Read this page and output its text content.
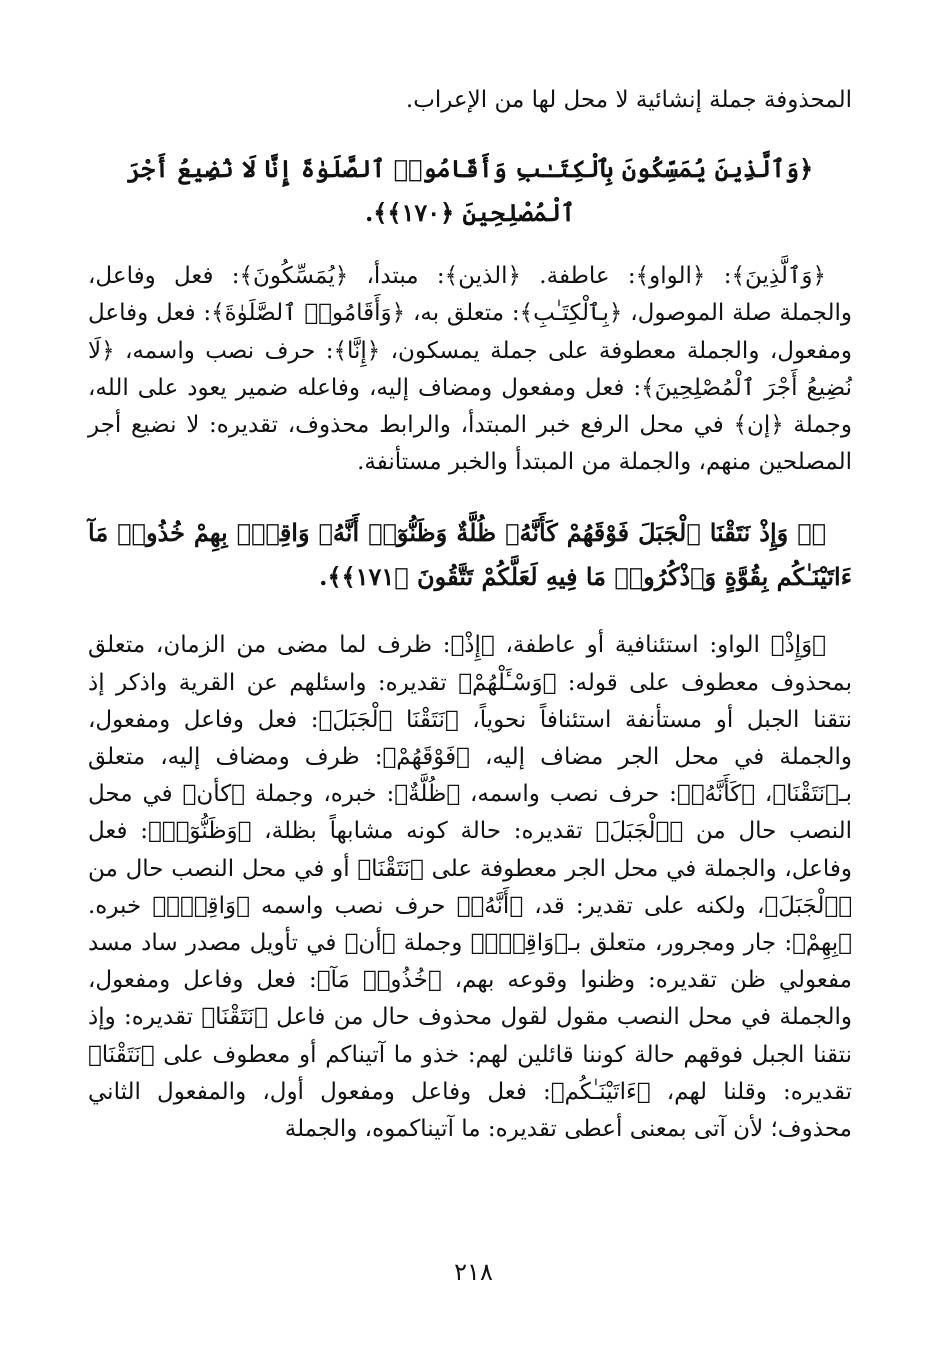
المحذوفة جملة إنشائية لا محل لها من الإعراب.

﴿وَٱلَّذِينَ يُمَسِّكُونَ بِٱلْكِتَـٰبِ وَأَقَامُوا۟ ٱلصَّلَوٰةَ إِنَّا لَا نُضِيعُ أَجْرَ ٱلْمُصْلِحِينَ ﴿١٧٠﴾﴾.

﴿وَٱلَّذِينَ﴾: ﴿الواو﴾: عاطفة. ﴿الذين﴾: مبتدأ، ﴿يُمَسِّكُونَ﴾: فعل وفاعل، والجملة صلة الموصول، ﴿بِٱلْكِتَـٰبِ﴾: متعلق به، ﴿وَأَقَامُوا۟ ٱلصَّلَوٰةَ﴾: فعل وفاعل ومفعول، والجملة معطوفة على جملة يمسكون، ﴿إِنَّا﴾: حرف نصب واسمه، ﴿لَا نُضِيعُ أَجْرَ ٱلْمُصْلِحِينَ﴾: فعل ومفعول ومضاف إليه، وفاعله ضمير يعود على الله، وجملة ﴿إن﴾ في محل الرفع خبر المبتدأ، والرابط محذوف، تقديره: لا نضيع أجر المصلحين منهم، والجملة من المبتدأ والخبر مستأنفة.

﴿۞ وَإِذْ نَتَقْنَا ٱلْجَبَلَ فَوْقَهُمْ كَأَنَّهُۥ ظُلَّةٌ وَظَنُّوٓا۟ أَنَّهُۥ وَاقِعٌۢ بِهِمْ خُذُوا۟ مَآ ءَاتَيْنَـٰكُم بِقُوَّةٍ وَٱذْكُرُوا۟ مَا فِيهِ لَعَلَّكُمْ تَتَّقُونَ ﴿١٧١﴾﴾.

﴿وَإِذْ﴾ الواو: استئنافية أو عاطفة، ﴿إِذْ﴾: ظرف لما مضى من الزمان، متعلق بمحذوف معطوف على قوله: ﴿وَسْـَٔلْهُمْ﴾ تقديره: واسئلهم عن القرية واذكر إذ نتقنا الجبل أو مستأنفة استئنافاً نحوياً، ﴿نَتَقْنَا ٱلْجَبَلَ﴾: فعل وفاعل ومفعول، والجملة في محل الجر مضاف إليه، ﴿فَوْقَهُمْ﴾: ظرف ومضاف إليه، متعلق بـ﴿نَتَقْنَا﴾، ﴿كَأَنَّهُۥ﴾: حرف نصب واسمه، ﴿ظُلَّةٌ﴾: خبره، وجملة ﴿كأن﴾ في محل النصب حال من ﴿ٱلْجَبَلَ﴾ تقديره: حالة كونه مشابهاً بظلة، ﴿وَظَنُّوٓا۟﴾: فعل وفاعل، والجملة في محل الجر معطوفة على ﴿نَتَقْنَا﴾ أو في محل النصب حال من ﴿ٱلْجَبَلَ﴾، ولكنه على تقدير: قد، ﴿أَنَّهُۥ﴾ حرف نصب واسمه ﴿وَاقِعٌۢ﴾ خبره. ﴿بِهِمْ﴾: جار ومجرور، متعلق بـ﴿وَاقِعٌۢ﴾ وجملة ﴿أن﴾ في تأويل مصدر ساد مسد مفعولي ظن تقديره: وظنوا وقوعه بهم، ﴿خُذُوا۟ مَآ﴾: فعل وفاعل ومفعول، والجملة في محل النصب مقول لقول محذوف حال من فاعل ﴿نَتَقْنَا﴾ تقديره: وإذ نتقنا الجبل فوقهم حالة كوننا قائلين لهم: خذو ما آتيناكم أو معطوف على ﴿نَتَقْنَا﴾ تقديره: وقلنا لهم، ﴿ءَاتَيْنَـٰكُم﴾: فعل وفاعل ومفعول أول، والمفعول الثاني محذوف؛ لأن آتى بمعنى أعطى تقديره: ما آتيناكموه، والجملة

٢١٨
